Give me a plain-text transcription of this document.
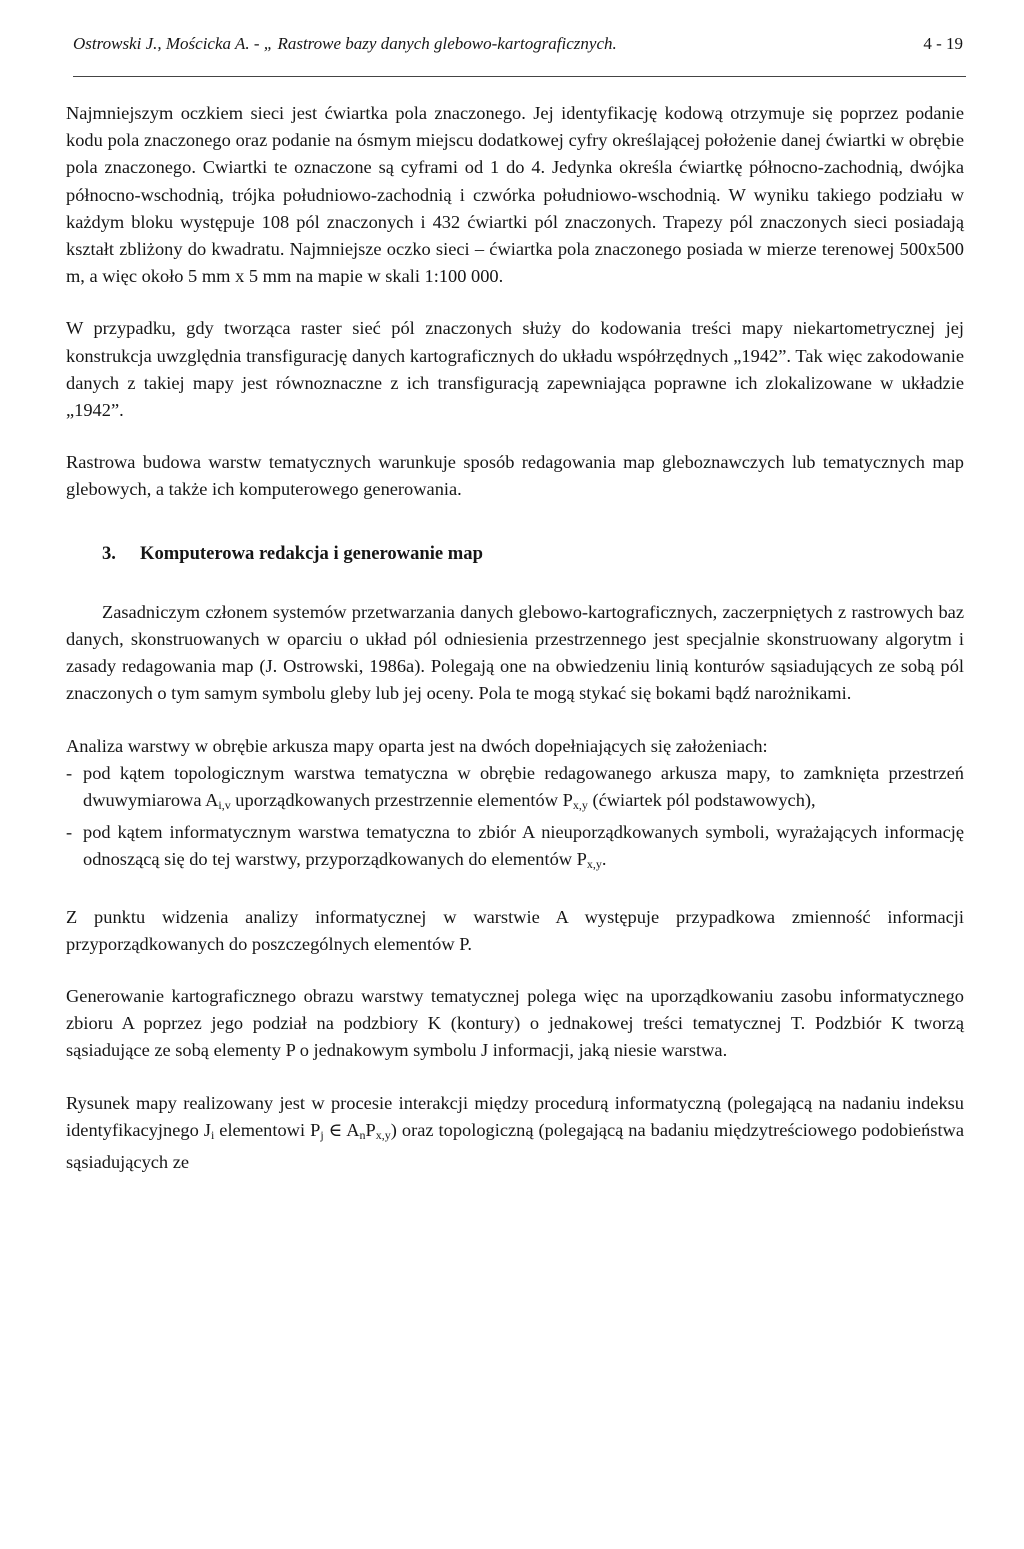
Ostrowski J., Mościcka A. - „ Rastrowe bazy danych glebowo-kartograficznych.	4 - 19

Najmniejszym oczkiem sieci jest ćwiartka pola znaczonego. Jej identyfikację kodową otrzymuje się poprzez podanie kodu pola znaczonego oraz podanie na ósmym miejscu dodatkowej cyfry określającej położenie danej ćwiartki w obrębie pola znaczonego. Cwiartki te oznaczone są cyframi od 1 do 4. Jedynka określa ćwiartkę północno-zachodnią, dwójka północno-wschodnią, trójka południowo-zachodnią i czwórka południowo-wschodnią. W wyniku takiego podziału w każdym bloku występuje 108 pól znaczonych i 432 ćwiartki pól znaczonych. Trapezy pól znaczonych sieci posiadają kształt zbliżony do kwadratu. Najmniejsze oczko sieci – ćwiartka pola znaczonego posiada w mierze terenowej 500x500 m, a więc około 5 mm x 5 mm na mapie w skali 1:100 000.

W przypadku, gdy tworząca raster sieć pól znaczonych służy do kodowania treści mapy niekartometrycznej jej konstrukcja uwzględnia transfigurację danych kartograficznych do układu współrzędnych „1942”. Tak więc zakodowanie danych z takiej mapy jest równoznaczne z ich transfiguracją zapewniająca poprawne ich zlokalizowane w układzie „1942”.

Rastrowa budowa warstw tematycznych warunkuje sposób redagowania map gleboznawczych lub tematycznych map glebowych, a także ich komputerowego generowania.

3. Komputerowa redakcja i generowanie map

Zasadniczym członem systemów przetwarzania danych glebowo-kartograficznych, zaczerpniętych z rastrowych baz danych, skonstruowanych w oparciu o układ pól odniesienia przestrzennego jest specjalnie skonstruowany algorytm i zasady redagowania map (J. Ostrowski, 1986a). Polegają one na obwiedzeniu linią konturów sąsiadujących ze sobą pól znaczonych o tym samym symbolu gleby lub jej oceny. Pola te mogą stykać się bokami bądź narożnikami.

Analiza warstwy w obrębie arkusza mapy oparta jest na dwóch dopełniających się założeniach:

- pod kątem topologicznym warstwa tematyczna w obrębie redagowanego arkusza mapy, to zamknięta przestrzeń dwuwymiarowa $A_{i,v}$ uporządkowanych przestrzennie elementów $P_{x,y}$ (ćwiartek pól podstawowych),
- pod kątem informatycznym warstwa tematyczna to zbiór A nieuporządkowanych symboli, wyrażających informację odnoszącą się do tej warstwy, przyporządkowanych do elementów $P_{x,y}$.

Z punktu widzenia analizy informatycznej w warstwie A występuje przypadkowa zmienność informacji przyporządkowanych do poszczególnych elementów P.

Generowanie kartograficznego obrazu warstwy tematycznej polega więc na uporządkowaniu zasobu informatycznego zbioru A poprzez jego podział na podzbiory K (kontury) o jednakowej treści tematycznej T. Podzbiór K tworzą sąsiadujące ze sobą elementy P o jednakowym symbolu J informacji, jaką niesie warstwa.

Rysunek mapy realizowany jest w procesie interakcji między procedurą informatyczną (polegającą na nadaniu indeksu identyfikacyjnego $J_i$ elementowi $P_j$ ∈ $A_nP_{x,y}$) oraz topologiczną (polegającą na badaniu międzytreściowego podobieństwa sąsiadujących ze
